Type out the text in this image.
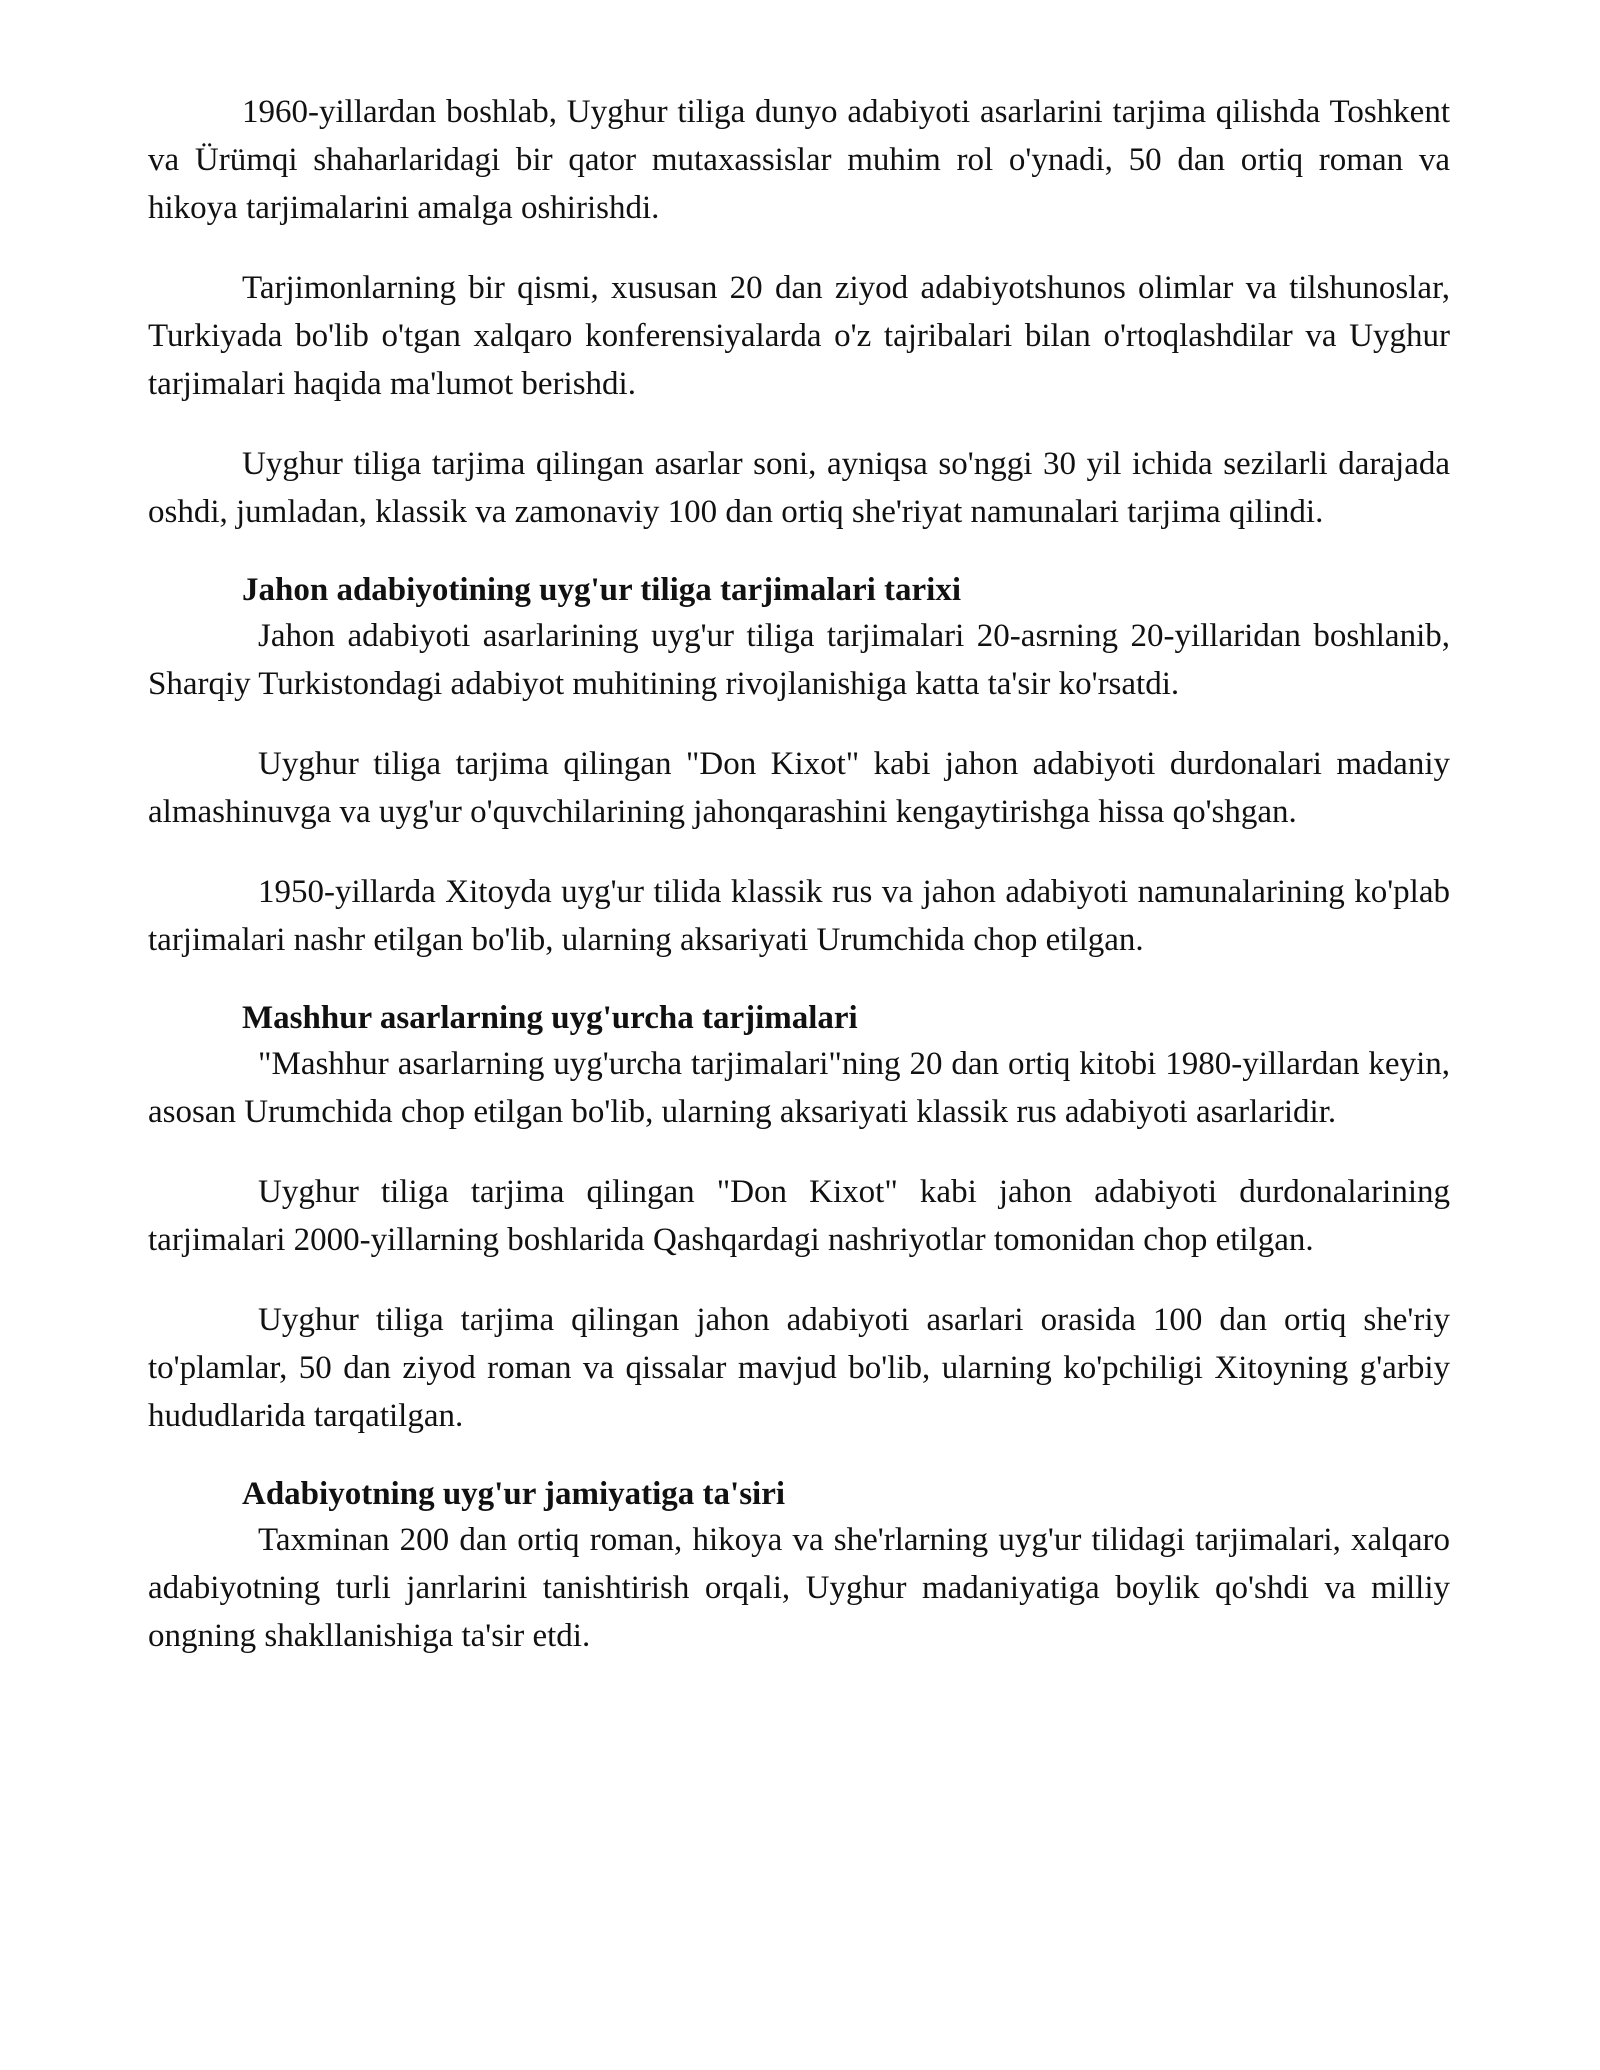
1960-yillardan boshlab, Uyghur tiliga dunyo adabiyoti asarlarini tarjima qilishda Toshkent va Ürümqi shaharlaridagi bir qator mutaxassislar muhim rol o'ynadi, 50 dan ortiq roman va hikoya tarjimalarini amalga oshirishdi.

Tarjimonlarning bir qismi, xususan 20 dan ziyod adabiyotshunos olimlar va tilshunoslar, Turkiyada bo'lib o'tgan xalqaro konferensiyalarda o'z tajribalari bilan o'rtoqlashdilar va Uyghur tarjimalari haqida ma'lumot berishdi.

Uyghur tiliga tarjima qilingan asarlar soni, ayniqsa so'nggi 30 yil ichida sezilarli darajada oshdi, jumladan, klassik va zamonaviy 100 dan ortiq she'riyat namunalari tarjima qilindi.

Jahon adabiyotining uyg'ur tiliga tarjimalari tarixi

Jahon adabiyoti asarlarining uyg'ur tiliga tarjimalari 20-asrning 20-yillaridan boshlanib, Sharqiy Turkistondagi adabiyot muhitining rivojlanishiga katta ta'sir ko'rsatdi.

Uyghur tiliga tarjima qilingan "Don Kixot" kabi jahon adabiyoti durdonalari madaniy almashinuvga va uyg'ur o'quvchilarining jahonqarashini kengaytirishga hissa qo'shgan.

1950-yillarda Xitoyda uyg'ur tilida klassik rus va jahon adabiyoti namunalarining ko'plab tarjimalari nashr etilgan bo'lib, ularning aksariyati Urumchida chop etilgan.

Mashhur asarlarning uyg'urcha tarjimalari

"Mashhur asarlarning uyg'urcha tarjimalari"ning 20 dan ortiq kitobi 1980-yillardan keyin, asosan Urumchida chop etilgan bo'lib, ularning aksariyati klassik rus adabiyoti asarlaridir.

Uyghur tiliga tarjima qilingan "Don Kixot" kabi jahon adabiyoti durdonalarining tarjimalari 2000-yillarning boshlarida Qashqardagi nashriyotlar tomonidan chop etilgan.

Uyghur tiliga tarjima qilingan jahon adabiyoti asarlari orasida 100 dan ortiq she'riy to'plamlar, 50 dan ziyod roman va qissalar mavjud bo'lib, ularning ko'pchiligi Xitoyning g'arbiy hududlarida tarqatilgan.

Adabiyotning uyg'ur jamiyatiga ta'siri

Taxminan 200 dan ortiq roman, hikoya va she'rlarning uyg'ur tilidagi tarjimalari, xalqaro adabiyotning turli janrlarini tanishtirish orqali, Uyghur madaniyatiga boylik qo'shdi va milliy ongning shakllanishiga ta'sir etdi.
